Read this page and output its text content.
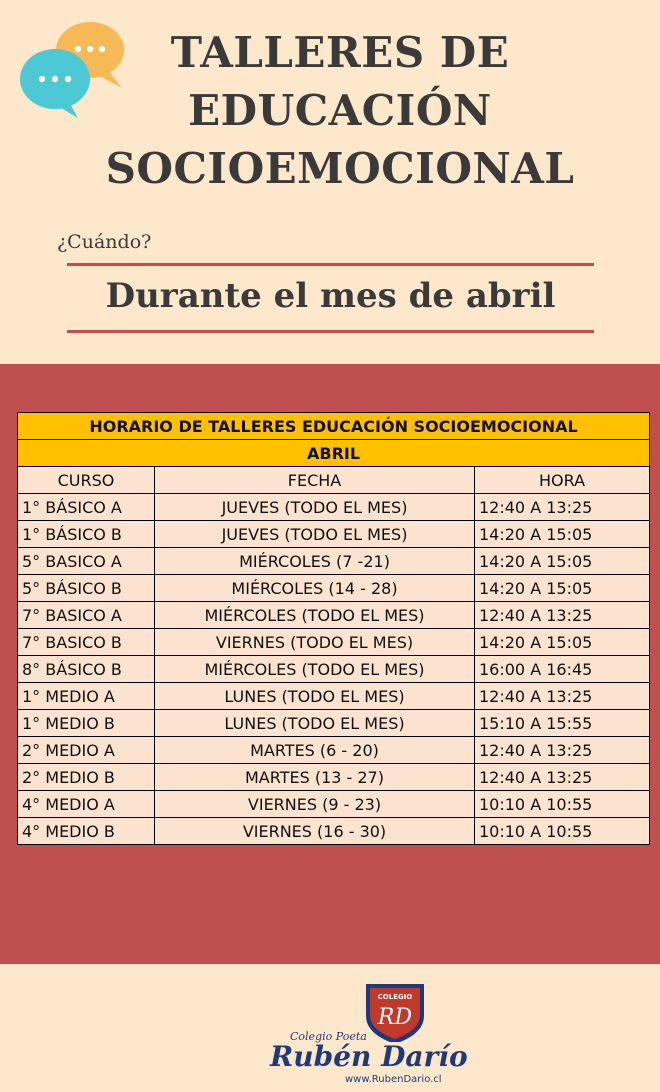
TALLERES DE
EDUCACIÓN
SOCIOEMOCIONAL
¿Cuándo?
Durante el mes de abril
HORARIO DE TALLERES EDUCACIÓN SOCIOEMOCIONAL		
ABRIL		
CURSO	FECHA	HORA
1° BÁSICO A	JUEVES (TODO EL MES)	12:40 A 13:25
1° BÁSICO B	JUEVES (TODO EL MES)	14:20 A 15:05
5° BASICO A	MIÉRCOLES (7 -21)	14:20 A 15:05
5° BÁSICO B	MIÉRCOLES (14 - 28)	14:20 A 15:05
7° BASICO A	MIÉRCOLES (TODO EL MES)	12:40 A 13:25
7° BASICO B	VIERNES (TODO EL MES)	14:20 A 15:05
8° BÁSICO B	MIÉRCOLES (TODO EL MES)	16:00 A 16:45
1° MEDIO A	LUNES (TODO EL MES)	12:40 A 13:25
1° MEDIO B	LUNES (TODO EL MES)	15:10 A 15:55
2° MEDIO A	MARTES (6 - 20)	12:40 A 13:25
2° MEDIO B	MARTES (13 - 27)	12:40 A 13:25
4° MEDIO A	VIERNES (9 - 23)	10:10 A 10:55
4° MEDIO B	VIERNES (16 - 30)	10:10 A 10:55
COLEGIO
RD
Colegio Poeta
Rubén Darío
www.RubenDario.cl
